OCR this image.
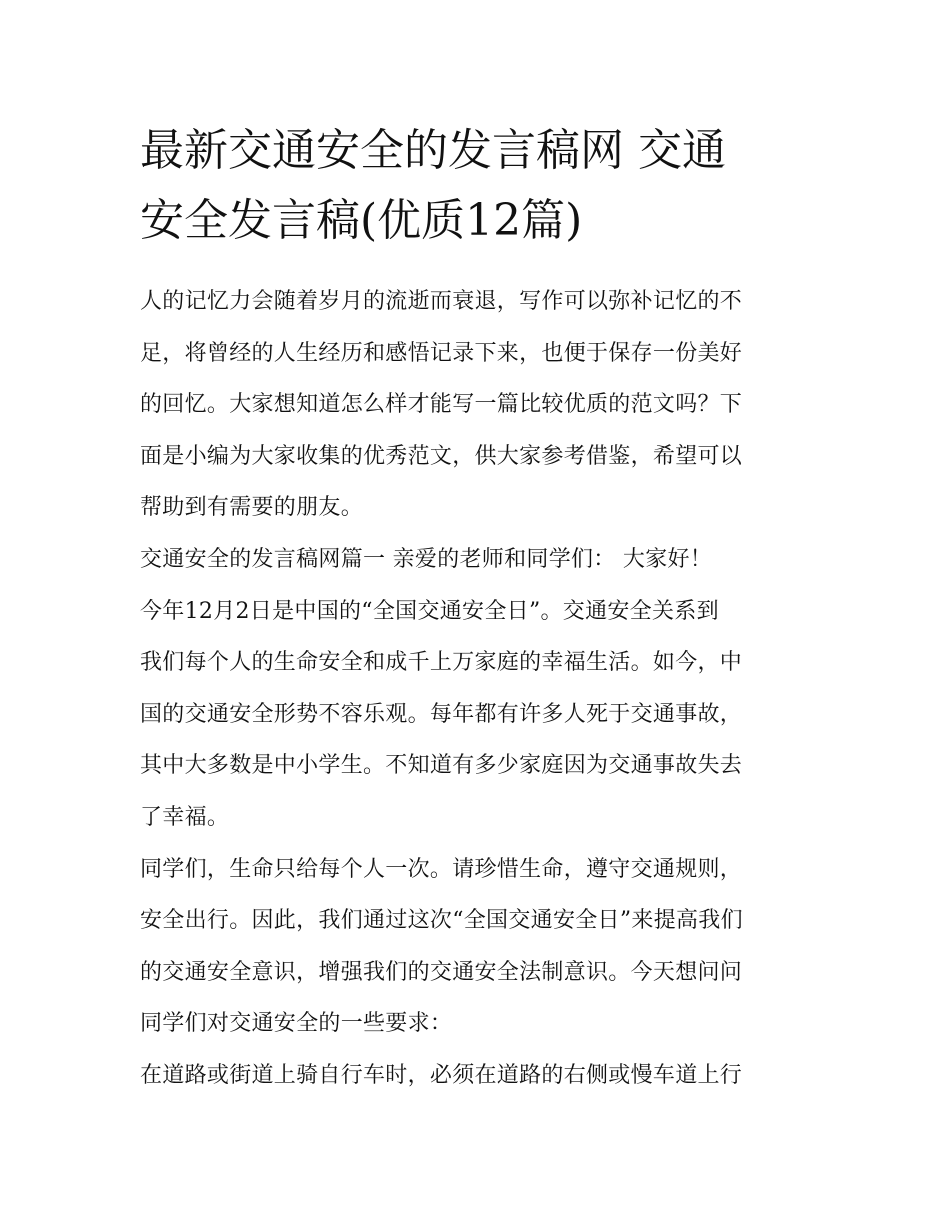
最新交通安全的发言稿网 交通
安全发言稿(优质12篇)
人的记忆力会随着岁月的流逝而衰退，写作可以弥补记忆的不
足，将曾经的人生经历和感悟记录下来，也便于保存一份美好
的回忆。大家想知道怎么样才能写一篇比较优质的范文吗？下
面是小编为大家收集的优秀范文，供大家参考借鉴，希望可以
帮助到有需要的朋友。
交通安全的发言稿网篇一 亲爱的老师和同学们： 大家好！
今年12月2日是中国的“全国交通安全日”。交通安全关系到
我们每个人的生命安全和成千上万家庭的幸福生活。如今，中
国的交通安全形势不容乐观。每年都有许多人死于交通事故，
其中大多数是中小学生。不知道有多少家庭因为交通事故失去
了幸福。
同学们，生命只给每个人一次。请珍惜生命，遵守交通规则，
安全出行。因此，我们通过这次“全国交通安全日”来提高我们
的交通安全意识，增强我们的交通安全法制意识。今天想问问
同学们对交通安全的一些要求：
在道路或街道上骑自行车时，必须在道路的右侧或慢车道上行
